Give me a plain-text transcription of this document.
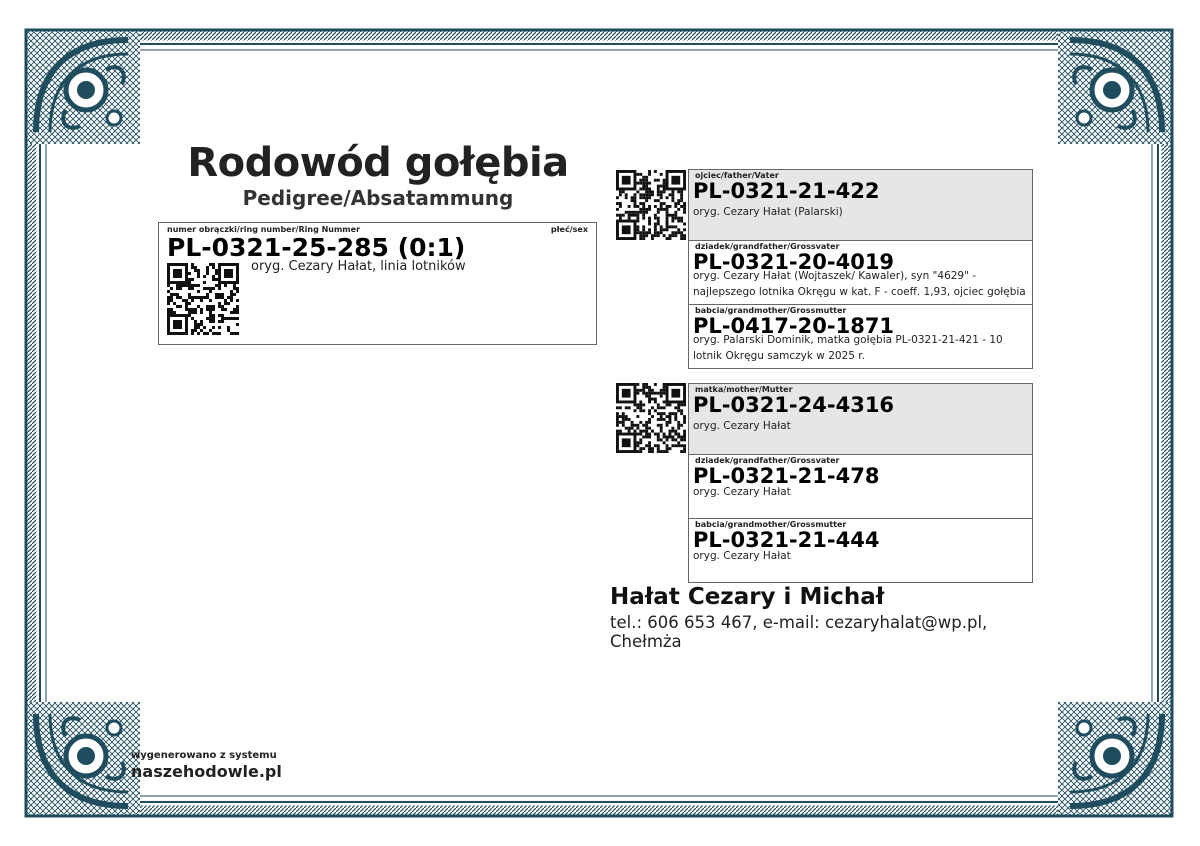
Rodowód gołębia
Pedigree/Absatammung
numer obrączki/ring number/Ring Nummer	płeć/sex
PL-0321-25-285 (0:1)
oryg. Cezary Hałat, linia lotników
ojciec/father/Vater
PL-0321-21-422
oryg. Cezary Hałat (Palarski)
dziadek/grandfather/Grossvater
PL-0321-20-4019
oryg. Cezary Hałat (Wojtaszek/ Kawaler), syn "4629" - najlepszego lotnika Okręgu w kat. F - coeff. 1,93, ojciec gołębia
babcia/grandmother/Grossmutter
PL-0417-20-1871
oryg. Palarski Dominik, matka gołębia PL-0321-21-421 - 10 lotnik Okręgu samczyk w 2025 r.
matka/mother/Mutter
PL-0321-24-4316
oryg. Cezary Hałat
dziadek/grandfather/Grossvater
PL-0321-21-478
oryg. Cezary Hałat
babcia/grandmother/Grossmutter
PL-0321-21-444
oryg. Cezary Hałat
Hałat Cezary i Michał
tel.: 606 653 467, e-mail: cezaryhalat@wp.pl, Chełmża
wygenerowano z systemu
naszehodowle.pl
